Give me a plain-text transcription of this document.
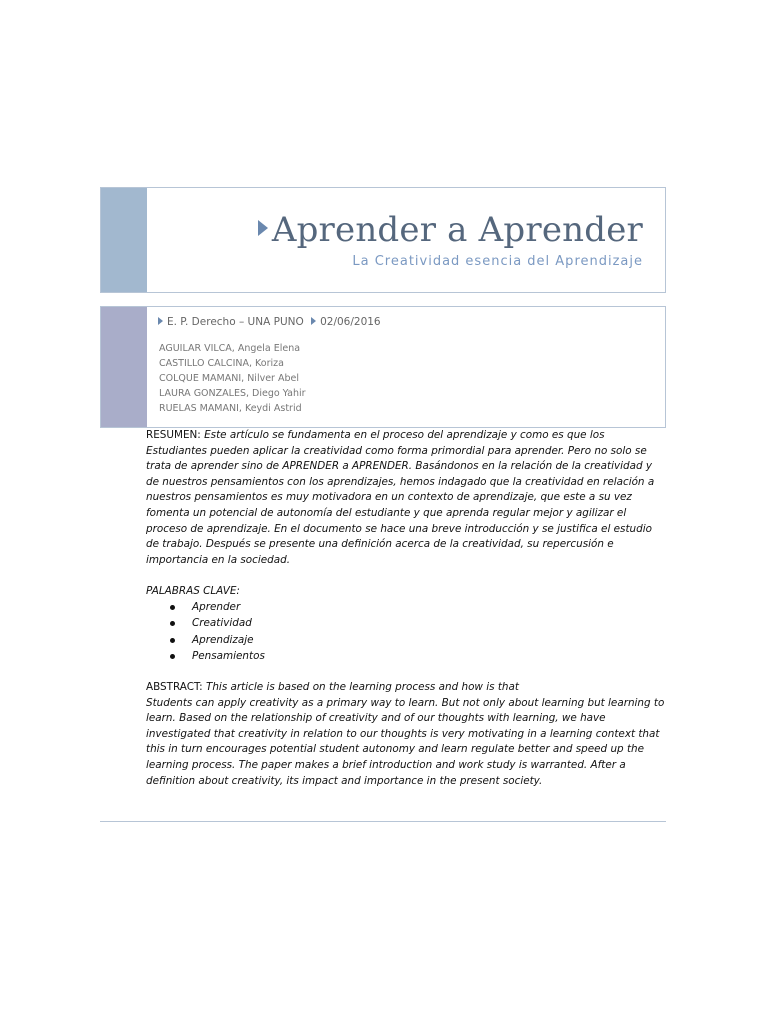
Aprender a Aprender
La Creatividad esencia del Aprendizaje
E. P. Derecho – UNA PUNO 02/06/2016
AGUILAR VILCA, Angela Elena
CASTILLO CALCINA, Koriza
COLQUE MAMANI, Nilver Abel
LAURA GONZALES, Diego Yahir
RUELAS MAMANI, Keydi Astrid

RESUMEN: Este artículo se fundamenta en el proceso del aprendizaje y como es que los Estudiantes pueden aplicar la creatividad como forma primordial para aprender. Pero no solo se trata de aprender sino de APRENDER a APRENDER. Basándonos en la relación de la creatividad y de nuestros pensamientos con los aprendizajes, hemos indagado que la creatividad en relación a nuestros pensamientos es muy motivadora en un contexto de aprendizaje, que este a su vez fomenta un potencial de autonomía del estudiante y que aprenda regular mejor y agilizar el proceso de aprendizaje. En el documento se hace una breve introducción y se justifica el estudio de trabajo. Después se presente una definición acerca de la creatividad, su repercusión e importancia en la sociedad.

PALABRAS CLAVE:
Aprender
Creatividad
Aprendizaje
Pensamientos
ABSTRACT: This article is based on the learning process and how is that
Students can apply creativity as a primary way to learn. But not only about learning but learning to learn. Based on the relationship of creativity and of our thoughts with learning, we have investigated that creativity in relation to our thoughts is very motivating in a learning context that this in turn encourages potential student autonomy and learn regulate better and speed up the learning process. The paper makes a brief introduction and work study is warranted. After a definition about creativity, its impact and importance in the present society.
